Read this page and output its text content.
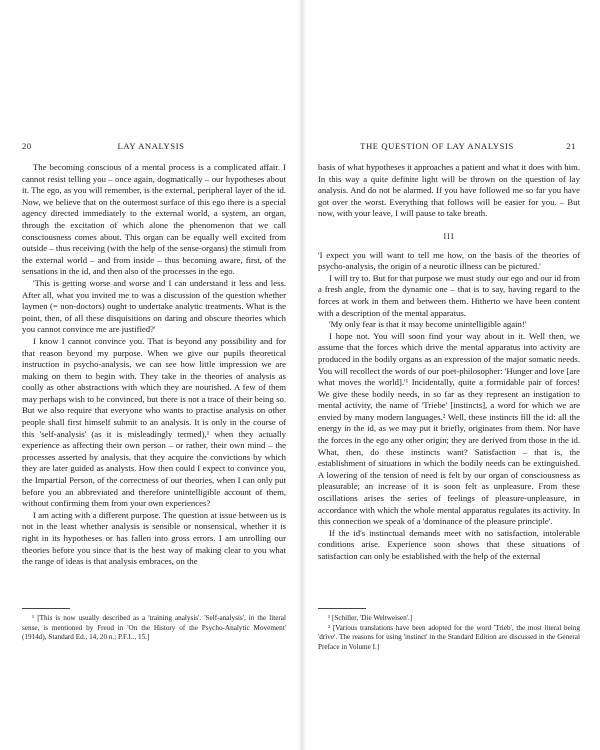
20	LAY ANALYSIS

The becoming conscious of a mental process is a complicated affair. I cannot resist telling you – once again, dogmatically – our hypotheses about it. The ego, as you will remember, is the external, peripheral layer of the id. Now, we believe that on the outermost surface of this ego there is a special agency directed immediately to the external world, a system, an organ, through the excitation of which alone the phenomenon that we call consciousness comes about. This organ can be equally well excited from outside – thus receiving (with the help of the sense-organs) the stimuli from the external world – and from inside – thus becoming aware, first, of the sensations in the id, and then also of the processes in the ego.

'This is getting worse and worse and I can understand it less and less. After all, what you invited me to was a discussion of the question whether laymen (= non-doctors) ought to undertake analytic treatments. What is the point, then, of all these disquisitions on daring and obscure theories which you cannot convince me are justified?'

I know I cannot convince you. That is beyond any possibility and for that reason beyond my purpose. When we give our pupils theoretical instruction in psycho-analysis, we can see how little impression we are making on them to begin with. They take in the theories of analysis as coolly as other abstractions with which they are nourished. A few of them may perhaps wish to be convinced, but there is not a trace of their being so. But we also require that everyone who wants to practise analysis on other people shall first himself submit to an analysis. It is only in the course of this 'self-analysis' (as it is misleadingly termed),¹ when they actually experience as affecting their own person – or rather, their own mind – the processes asserted by analysis, that they acquire the convictions by which they are later guided as analysts. How then could I expect to convince you, the Impartial Person, of the correctness of our theories, when I can only put before you an abbreviated and therefore unintelligible account of them, without confirming them from your own experiences?

I am acting with a different purpose. The question at issue between us is not in the least whether analysis is sensible or nonsensical, whether it is right in its hypotheses or has fallen into gross errors. I am unrolling our theories before you since that is the best way of making clear to you what the range of ideas is that analysis embraces, on the

¹ [This is now usually described as a 'training analysis'. 'Self-analysis', in the literal sense, is mentioned by Freud in 'On the History of the Psycho-Analytic Movement' (1914d), Standard Ed., 14, 20 n.; P.F.L., 15.]

THE QUESTION OF LAY ANALYSIS	21

basis of what hypotheses it approaches a patient and what it does with him. In this way a quite definite light will be thrown on the question of lay analysis. And do not be alarmed. If you have followed me so far you have got over the worst. Everything that follows will be easier for you. – But now, with your leave, I will pause to take breath.

III

'I expect you will want to tell me how, on the basis of the theories of psycho-analysis, the origin of a neurotic illness can be pictured.'

I will try to. But for that purpose we must study our ego and our id from a fresh angle, from the dynamic one – that is to say, having regard to the forces at work in them and between them. Hitherto we have been content with a description of the mental apparatus.

'My only fear is that it may become unintelligible again!'

I hope not. You will soon find your way about in it. Well then, we assume that the forces which drive the mental apparatus into activity are produced in the bodily organs as an expression of the major somatic needs. You will recollect the words of our poet-philosopher: 'Hunger and love [are what moves the world].'¹ Incidentally, quite a formidable pair of forces! We give these bodily needs, in so far as they represent an instigation to mental activity, the name of 'Triebe' [instincts], a word for which we are envied by many modern languages.² Well, these instincts fill the id: all the energy in the id, as we may put it briefly, originates from them. Nor have the forces in the ego any other origin; they are derived from those in the id. What, then, do these instincts want? Satisfaction – that is, the establishment of situations in which the bodily needs can be extinguished. A lowering of the tension of need is felt by our organ of consciousness as pleasurable; an increase of it is soon felt as unpleasure. From these oscillations arises the series of feelings of pleasure-unpleasure, in accordance with which the whole mental apparatus regulates its activity. In this connection we speak of a 'dominance of the pleasure principle'.

If the id's instinctual demands meet with no satisfaction, intolerable conditions arise. Experience soon shows that these situations of satisfaction can only be established with the help of the external

¹ [Schiller, 'Die Weltweisen'.]

² [Various translations have been adopted for the word 'Trieb', the most literal being 'drive'. The reasons for using 'instinct' in the Standard Edition are discussed in the General Preface in Volume I.]
